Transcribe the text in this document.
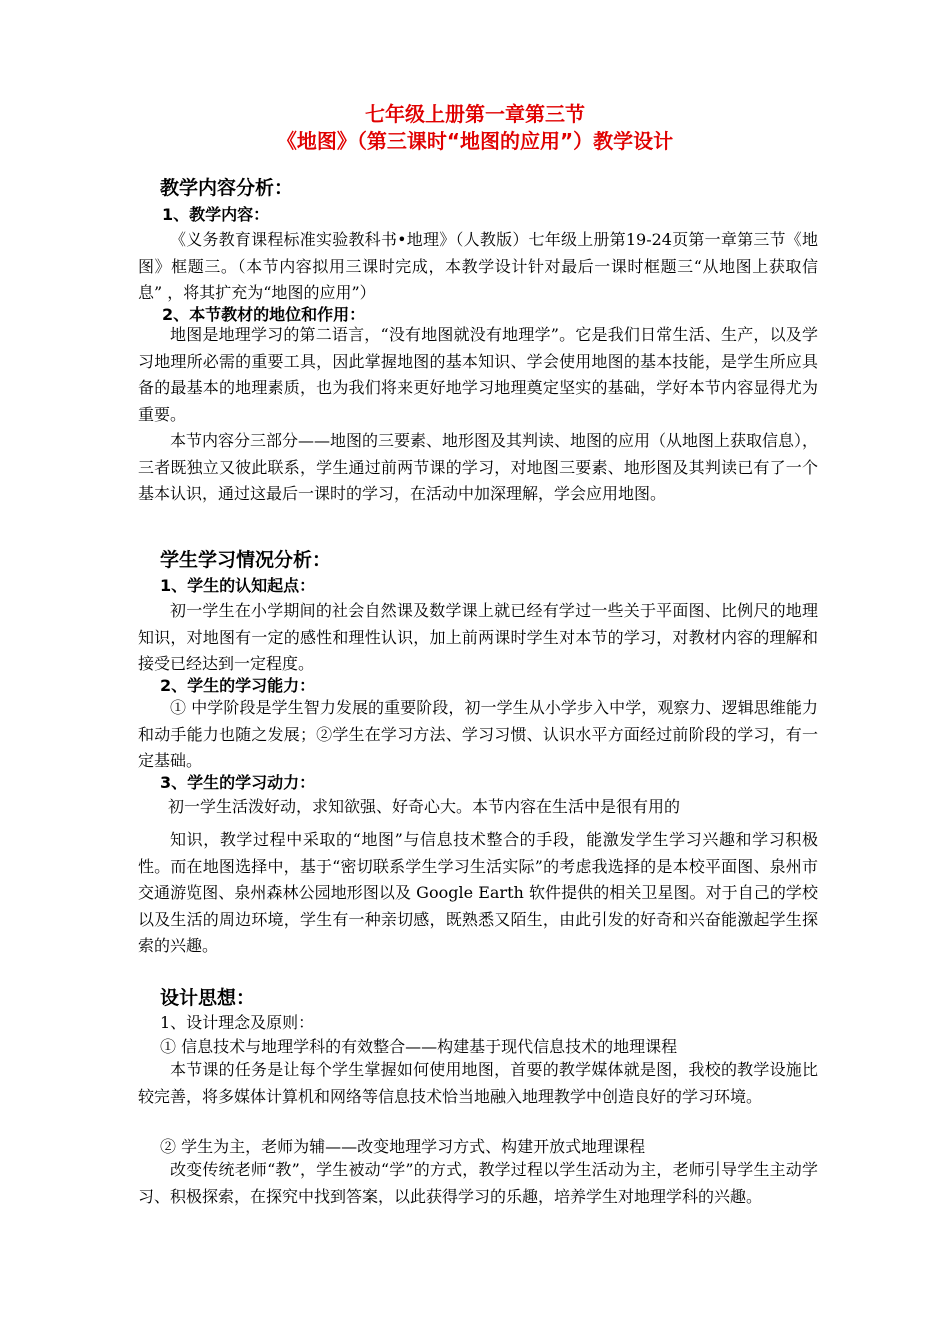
七年级上册第一章第三节
《地图》（第三课时“地图的应用”）教学设计
教学内容分析：
1、教学内容：
《义务教育课程标准实验教科书•地理》（人教版）七年级上册第19-24页第一章第三节《地图》框题三。（本节内容拟用三课时完成，本教学设计针对最后一课时框题三“从地图上获取信息” ，将其扩充为“地图的应用”）
2、本节教材的地位和作用：
地图是地理学习的第二语言，“没有地图就没有地理学”。它是我们日常生活、生产，以及学习地理所必需的重要工具，因此掌握地图的基本知识、学会使用地图的基本技能，是学生所应具备的最基本的地理素质，也为我们将来更好地学习地理奠定坚实的基础，学好本节内容显得尤为重要。
本节内容分三部分——地图的三要素、地形图及其判读、地图的应用（从地图上获取信息），三者既独立又彼此联系，学生通过前两节课的学习，对地图三要素、地形图及其判读已有了一个基本认识，通过这最后一课时的学习，在活动中加深理解，学会应用地图。
学生学习情况分析：
1、学生的认知起点：
初一学生在小学期间的社会自然课及数学课上就已经有学过一些关于平面图、比例尺的地理知识，对地图有一定的感性和理性认识，加上前两课时学生对本节的学习，对教材内容的理解和接受已经达到一定程度。
2、学生的学习能力：
① 中学阶段是学生智力发展的重要阶段，初一学生从小学步入中学，观察力、逻辑思维能力和动手能力也随之发展；②学生在学习方法、学习习惯、认识水平方面经过前阶段的学习，有一定基础。
3、学生的学习动力：
初一学生活泼好动，求知欲强、好奇心大。本节内容在生活中是很有用的
知识，教学过程中采取的“地图”与信息技术整合的手段，能激发学生学习兴趣和学习积极性。而在地图选择中，基于“密切联系学生学习生活实际”的考虑我选择的是本校平面图、泉州市交通游览图、泉州森林公园地形图以及 Google Earth 软件提供的相关卫星图。对于自己的学校以及生活的周边环境，学生有一种亲切感，既熟悉又陌生，由此引发的好奇和兴奋能激起学生探索的兴趣。
设计思想：
1、设计理念及原则：
① 信息技术与地理学科的有效整合——构建基于现代信息技术的地理课程
本节课的任务是让每个学生掌握如何使用地图，首要的教学媒体就是图，我校的教学设施比较完善，将多媒体计算机和网络等信息技术恰当地融入地理教学中创造良好的学习环境。
② 学生为主，老师为辅——改变地理学习方式、构建开放式地理课程
改变传统老师“教”，学生被动“学”的方式，教学过程以学生活动为主，老师引导学生主动学习、积极探索，在探究中找到答案，以此获得学习的乐趣，培养学生对地理学科的兴趣。
